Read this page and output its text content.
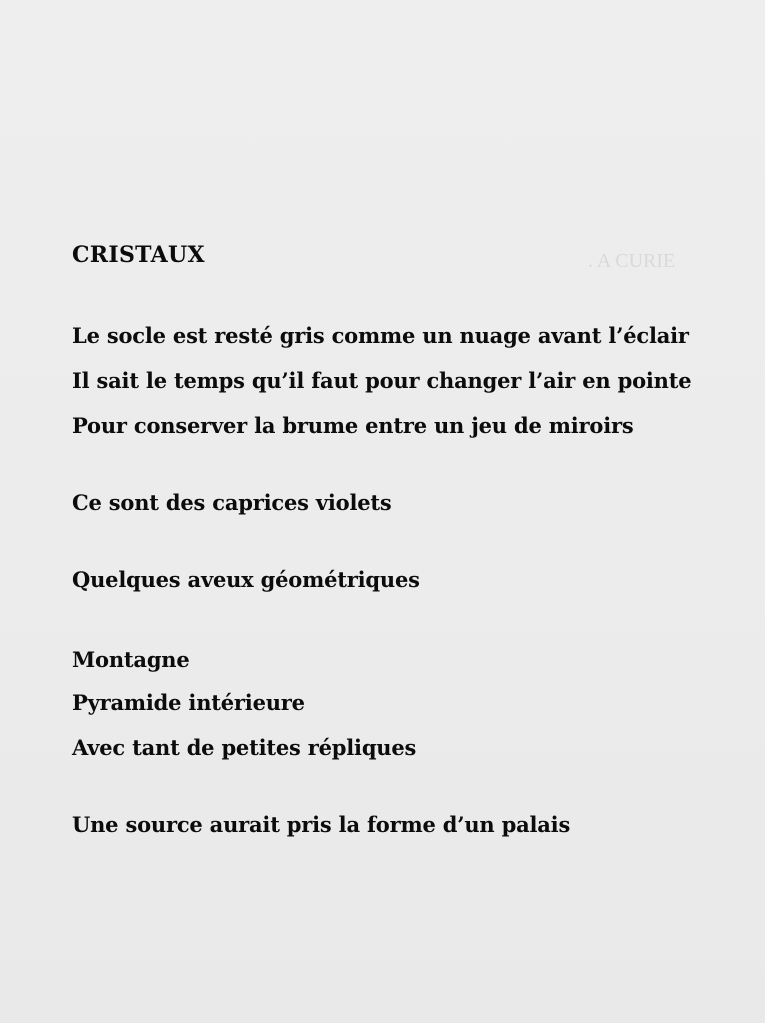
. A CURIE
CRISTAUX
Le socle est resté gris comme un nuage avant l’éclair
Il sait le temps qu’il faut pour changer l’air en pointe
Pour conserver la brume entre un jeu de miroirs
Ce sont des caprices violets
Quelques aveux géométriques
Montagne
Pyramide intérieure
Avec tant de petites répliques
Une source aurait pris la forme d’un palais
